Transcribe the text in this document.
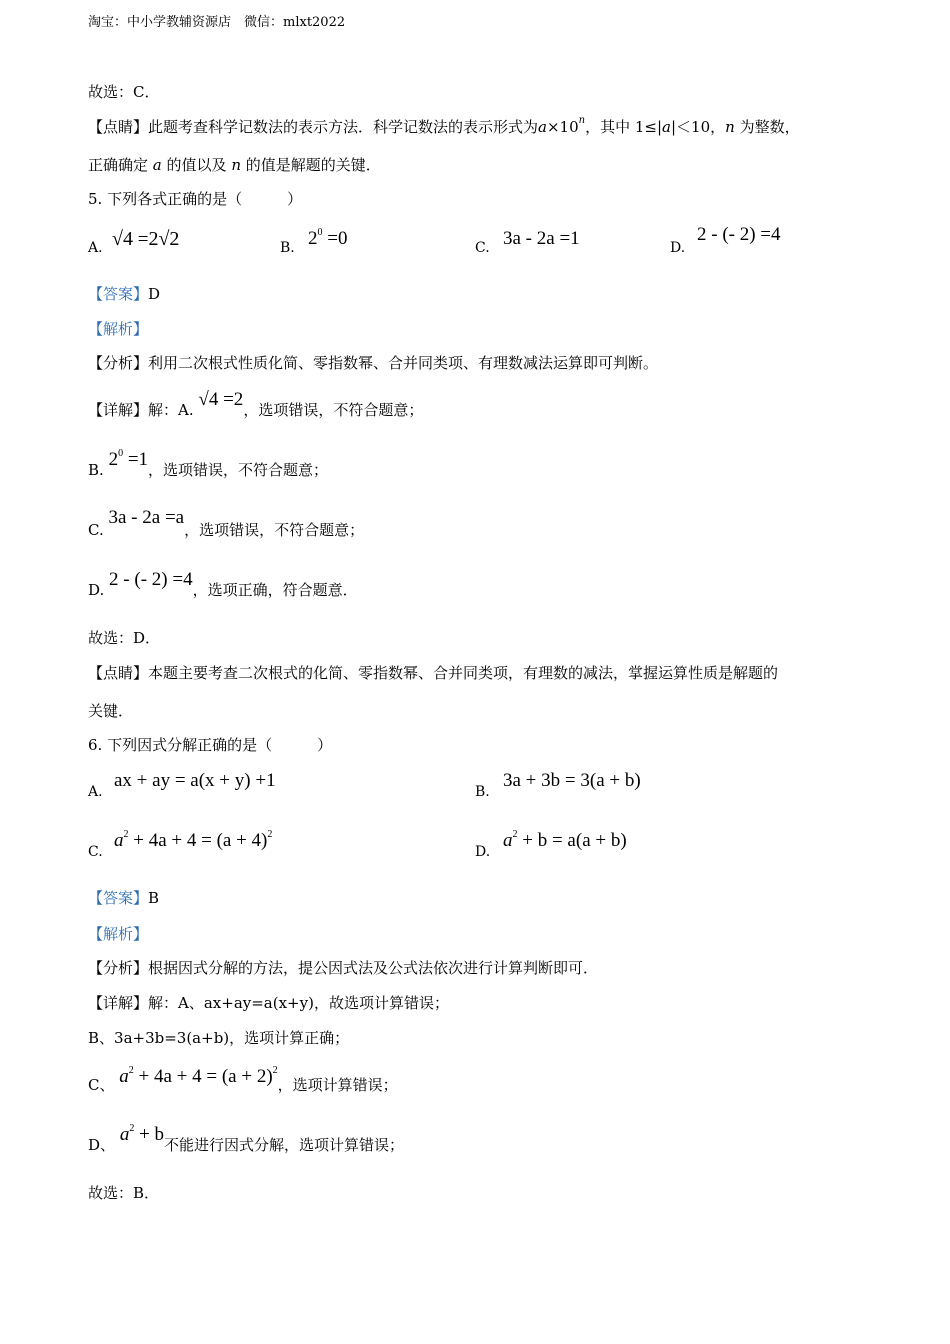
淘宝：中小学教辅资源店　微信：mlxt2022
故选：C．
【点睛】此题考查科学记数法的表示方法．科学记数法的表示形式为$a\times 10^n$，其中 1≤|a|＜10，n 为整数，
正确确定 a 的值以及 n 的值是解题的关键．
5. 下列各式正确的是（　　　）
A. √4 =2√2	B. $2^0 =0$	C. 3a - 2a =1	D.
2 - (- 2) =4
【答案】D
【解析】
【分析】利用二次根式性质化简、零指数幂、合并同类项、有理数减法运算即可判断。
【详解】解：A. √4 =2，选项错误，不符合题意；
B. $2^0 =1$，选项错误，不符合题意；
C. 3a - 2a =a，选项错误，不符合题意；
D. 2 - (- 2) =4，选项正确，符合题意．
故选：D．
【点睛】本题主要考查二次根式的化简、零指数幂、合并同类项，有理数的减法，掌握运算性质是解题的
关键．
6. 下列因式分解正确的是（　　　）
A.
ax + ay = a(x + y) +1
B.
3a + 3b = 3(a + b)
C.
$a^2 + 4a + 4 = (a + 4)^2$
D.
$a^2 + b = a(a + b)$
【答案】B
【解析】
【分析】根据因式分解的方法，提公因式法及公式法依次进行计算判断即可．
【详解】解：A、ax+ay=a(x+y)，故选项计算错误；
B、3a+3b=3(a+b)，选项计算正确；
C、 $a^2 + 4a + 4 = (a + 2)^2$，选项计算错误；
D、 $a^2 + b$不能进行因式分解，选项计算错误；
故选：B．
